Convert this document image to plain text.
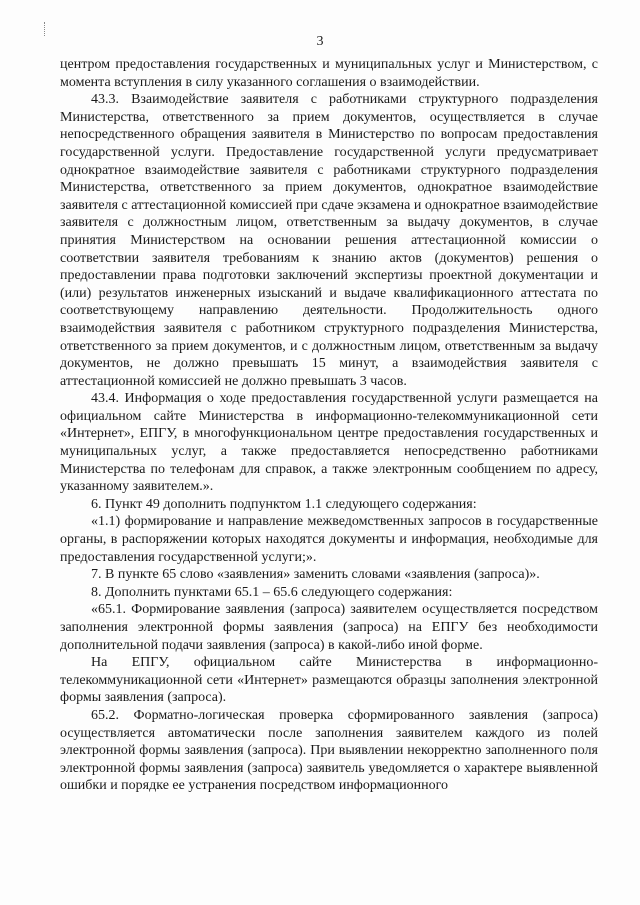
3

центром предоставления государственных и муниципальных услуг и Министерством, с момента вступления в силу указанного соглашения о взаимодействии.

43.3. Взаимодействие заявителя с работниками структурного подразделения Министерства, ответственного за прием документов, осуществляется в случае непосредственного обращения заявителя в Министерство по вопросам предоставления государственной услуги. Предоставление государственной услуги предусматривает однократное взаимодействие заявителя с работниками структурного подразделения Министерства, ответственного за прием документов, однократное взаимодействие заявителя с аттестационной комиссией при сдаче экзамена и однократное взаимодействие заявителя с должностным лицом, ответственным за выдачу документов, в случае принятия Министерством на основании решения аттестационной комиссии о соответствии заявителя требованиям к знанию актов (документов) решения о предоставлении права подготовки заключений экспертизы проектной документации и (или) результатов инженерных изысканий и выдаче квалификационного аттестата по соответствующему направлению деятельности. Продолжительность одного взаимодействия заявителя с работником структурного подразделения Министерства, ответственного за прием документов, и с должностным лицом, ответственным за выдачу документов, не должно превышать 15 минут, а взаимодействия заявителя с аттестационной комиссией не должно превышать 3 часов.

43.4. Информация о ходе предоставления государственной услуги размещается на официальном сайте Министерства в информационно-телекоммуникационной сети «Интернет», ЕПГУ, в многофункциональном центре предоставления государственных и муниципальных услуг, а также предоставляется непосредственно работниками Министерства по телефонам для справок, а также электронным сообщением по адресу, указанному заявителем.».

6. Пункт 49 дополнить подпунктом 1.1 следующего содержания:

«1.1) формирование и направление межведомственных запросов в государственные органы, в распоряжении которых находятся документы и информация, необходимые для предоставления государственной услуги;».

7. В пункте 65 слово «заявления» заменить словами «заявления (запроса)».

8. Дополнить пунктами 65.1 – 65.6 следующего содержания:

«65.1. Формирование заявления (запроса) заявителем осуществляется посредством заполнения электронной формы заявления (запроса) на ЕПГУ без необходимости дополнительной подачи заявления (запроса) в какой-либо иной форме.

На ЕПГУ, официальном сайте Министерства в информационно-телекоммуникационной сети «Интернет» размещаются образцы заполнения электронной формы заявления (запроса).

65.2. Форматно-логическая проверка сформированного заявления (запроса) осуществляется автоматически после заполнения заявителем каждого из полей электронной формы заявления (запроса). При выявлении некорректно заполненного поля электронной формы заявления (запроса) заявитель уведомляется о характере выявленной ошибки и порядке ее устранения посредством информационного
